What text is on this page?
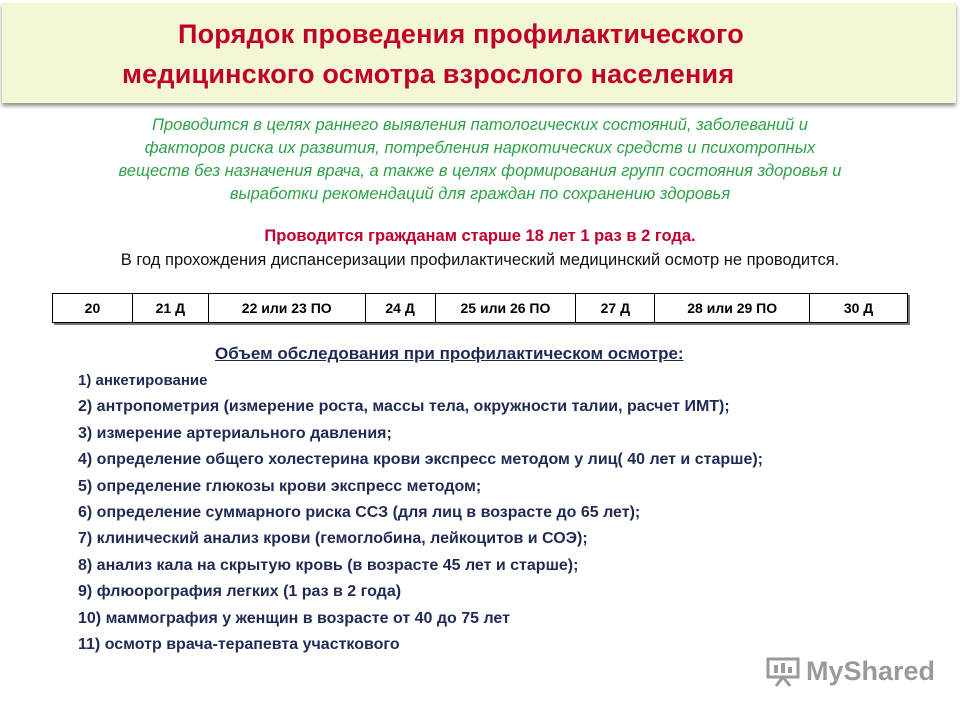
Порядок проведения профилактического
медицинского осмотра взрослого населения
Проводится в целях раннего выявления патологических состояний, заболеваний и
факторов риска их развития, потребления наркотических средств и психотропных
веществ без назначения врача, а также в целях формирования групп состояния здоровья и
выработки рекомендаций для граждан по сохранению здоровья
Проводится гражданам старше 18 лет 1 раз в 2 года.
В год прохождения диспансеризации профилактический медицинский осмотр не проводится.
20	21 Д	22 или 23 ПО	24 Д	25 или 26 ПО	27 Д	28 или 29 ПО	30 Д
Объем обследования при профилактическом осмотре:
1) анкетирование
2) антропометрия (измерение роста, массы тела, окружности талии, расчет ИМТ);
3) измерение артериального давления;
4) определение общего холестерина крови экспресс методом у лиц( 40 лет и старше);
5) определение глюкозы крови экспресс методом;
6) определение суммарного риска ССЗ (для лиц в возрасте до 65 лет);
7) клинический анализ крови (гемоглобина, лейкоцитов и СОЭ);
8) анализ кала на скрытую кровь (в возрасте 45 лет и старше);
9) флюорография легких (1 раз в 2 года)
10) маммография у женщин в возрасте от 40 до 75 лет
11) осмотр врача-терапевта участкового
MyShared
